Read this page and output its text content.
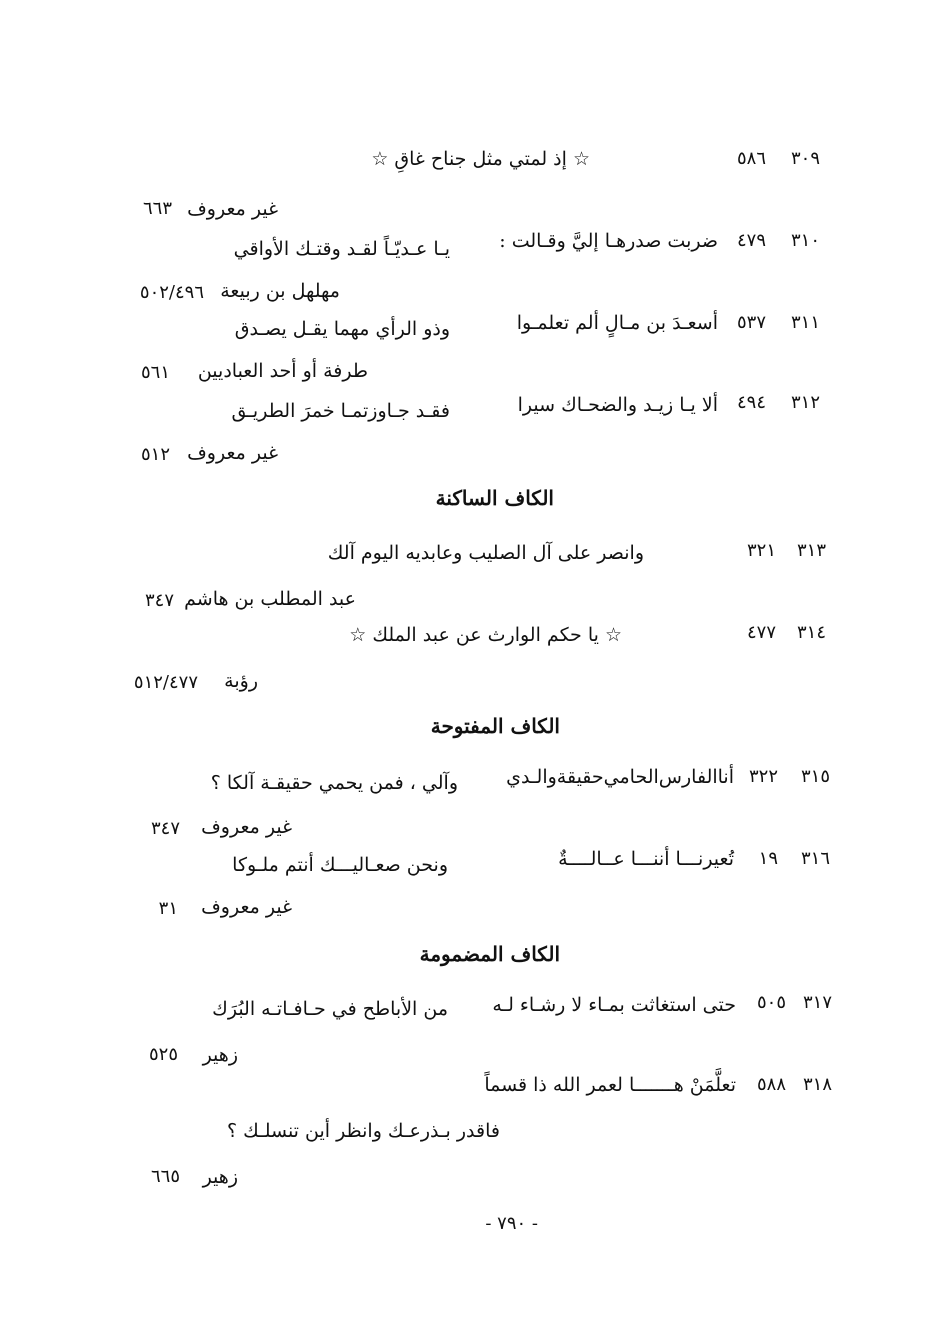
٣٠٩
٥٨٦
☆ إذ لمتي مثل جناح غاقِ ☆
غير معروف
٦٦٣
٣١٠
٤٧٩
ضربت صدرهـا إليَّ وقـالت :
يـا عـديّـاً لقـد وقتـك الأواقي
مهلهل بن ربيعة
٥٠٢/٤٩٦
٣١١
٥٣٧
أسعـدَ بن مـالٍ ألم تعلمـوا
وذو الرأي مهما يقـل يصـدق
طرفة أو أحد العباديين
٥٦١
٣١٢
٤٩٤
ألا يـا زيـد والضحـاك سيرا
فقـد جـاوزتمـا خمرَ الطريـق
غير معروف
٥١٢
الكاف الساكنة
٣١٣
٣٢١
وانصر على آل الصليب وعابديه اليوم آلك
عبد المطلب بن هاشم
٣٤٧
٣١٤
٤٧٧
☆ يا حكم الوارث عن عبد الملك ☆
رؤبة
٥١٢/٤٧٧
الكاف المفتوحة
٣١٥
٣٢٢
أناالفارس‌الحامي‌حقيقةوالـدي
وآلي ، فمن يحمي حقيقـة آلكا ؟
غير معروف
٣٤٧
٣١٦
١٩
تُعيرنـــا أننـــا عــالــــةٌ
ونحن صعـاليـــك أنتم ملـوكا
غير معروف
٣١
الكاف المضمومة
٣١٧
٥٠٥
حتى استغاثت بمـاء لا رشـاء لـه
من الأباطح في حـافـاتـه البُرَك
زهير
٥٢٥
٣١٨
٥٨٨
تعلَّمَنْ هـــــــا لعمر الله ذا قسماً
فاقدر بـذرعـك وانظر أين تنسلـك ؟
زهير
٦٦٥
- ٧٩٠ -
